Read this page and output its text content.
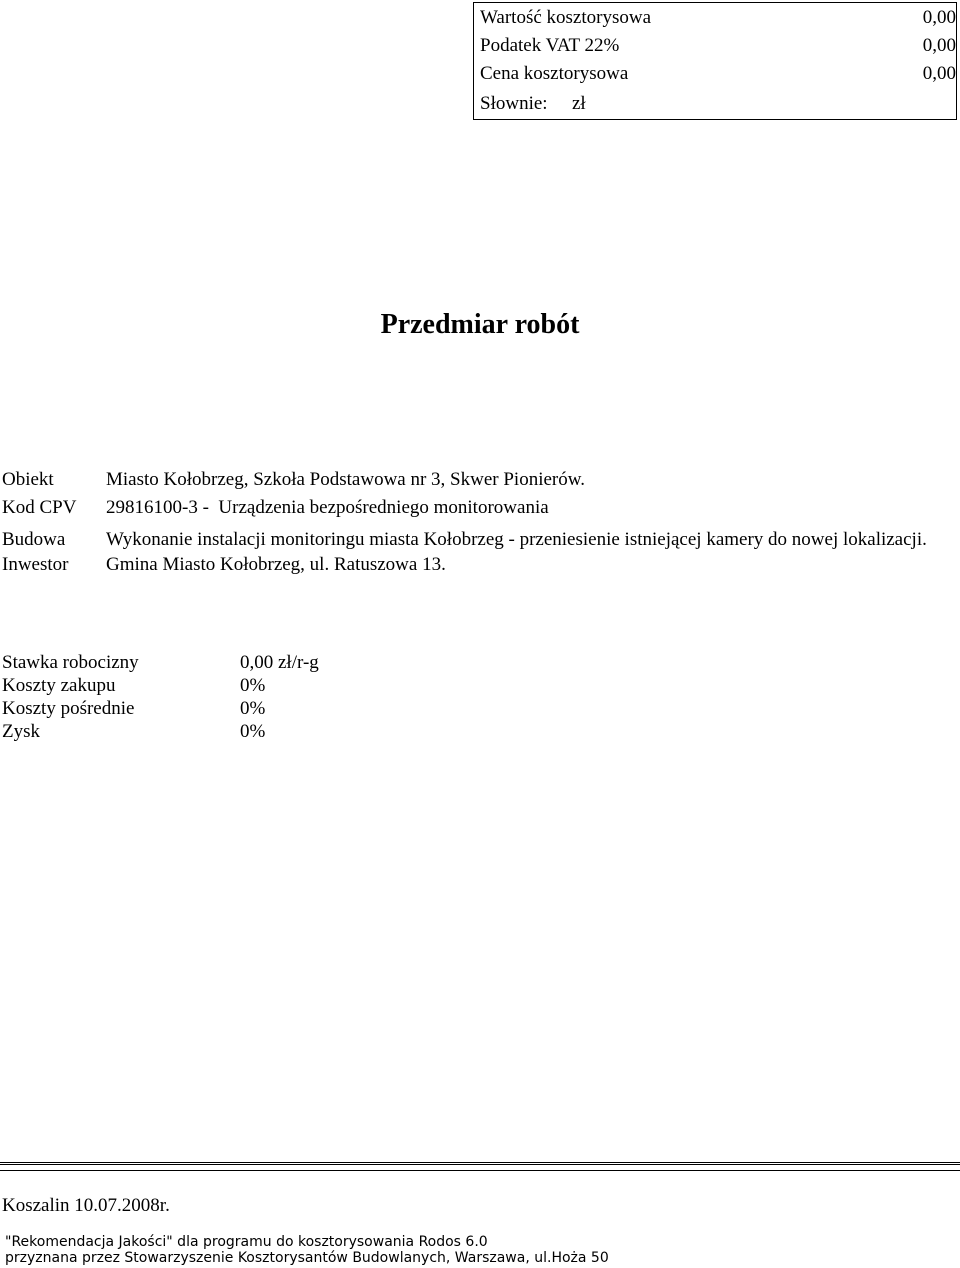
Wartość kosztorysowa	0,00
Podatek VAT 22%	0,00
Cena kosztorysowa	0,00
Słownie: zł
Przedmiar robót
Obiekt	Miasto Kołobrzeg, Szkoła Podstawowa nr 3, Skwer Pionierów.
Kod CPV 29816100-3 -  Urządzenia bezpośredniego monitorowania
Budowa Wykonanie instalacji monitoringu miasta Kołobrzeg - przeniesienie istniejącej kamery do nowej lokalizacji.
Inwestor Gmina Miasto Kołobrzeg, ul. Ratuszowa 13.
Stawka robocizny	0,00 zł/r-g
Koszty zakupu	0%
Koszty pośrednie	0%
Zysk	0%
Koszalin 10.07.2008r.
"Rekomendacja Jakości" dla programu do kosztorysowania Rodos 6.0
przyznana przez Stowarzyszenie Kosztorysantów Budowlanych, Warszawa, ul.Hoża 50
